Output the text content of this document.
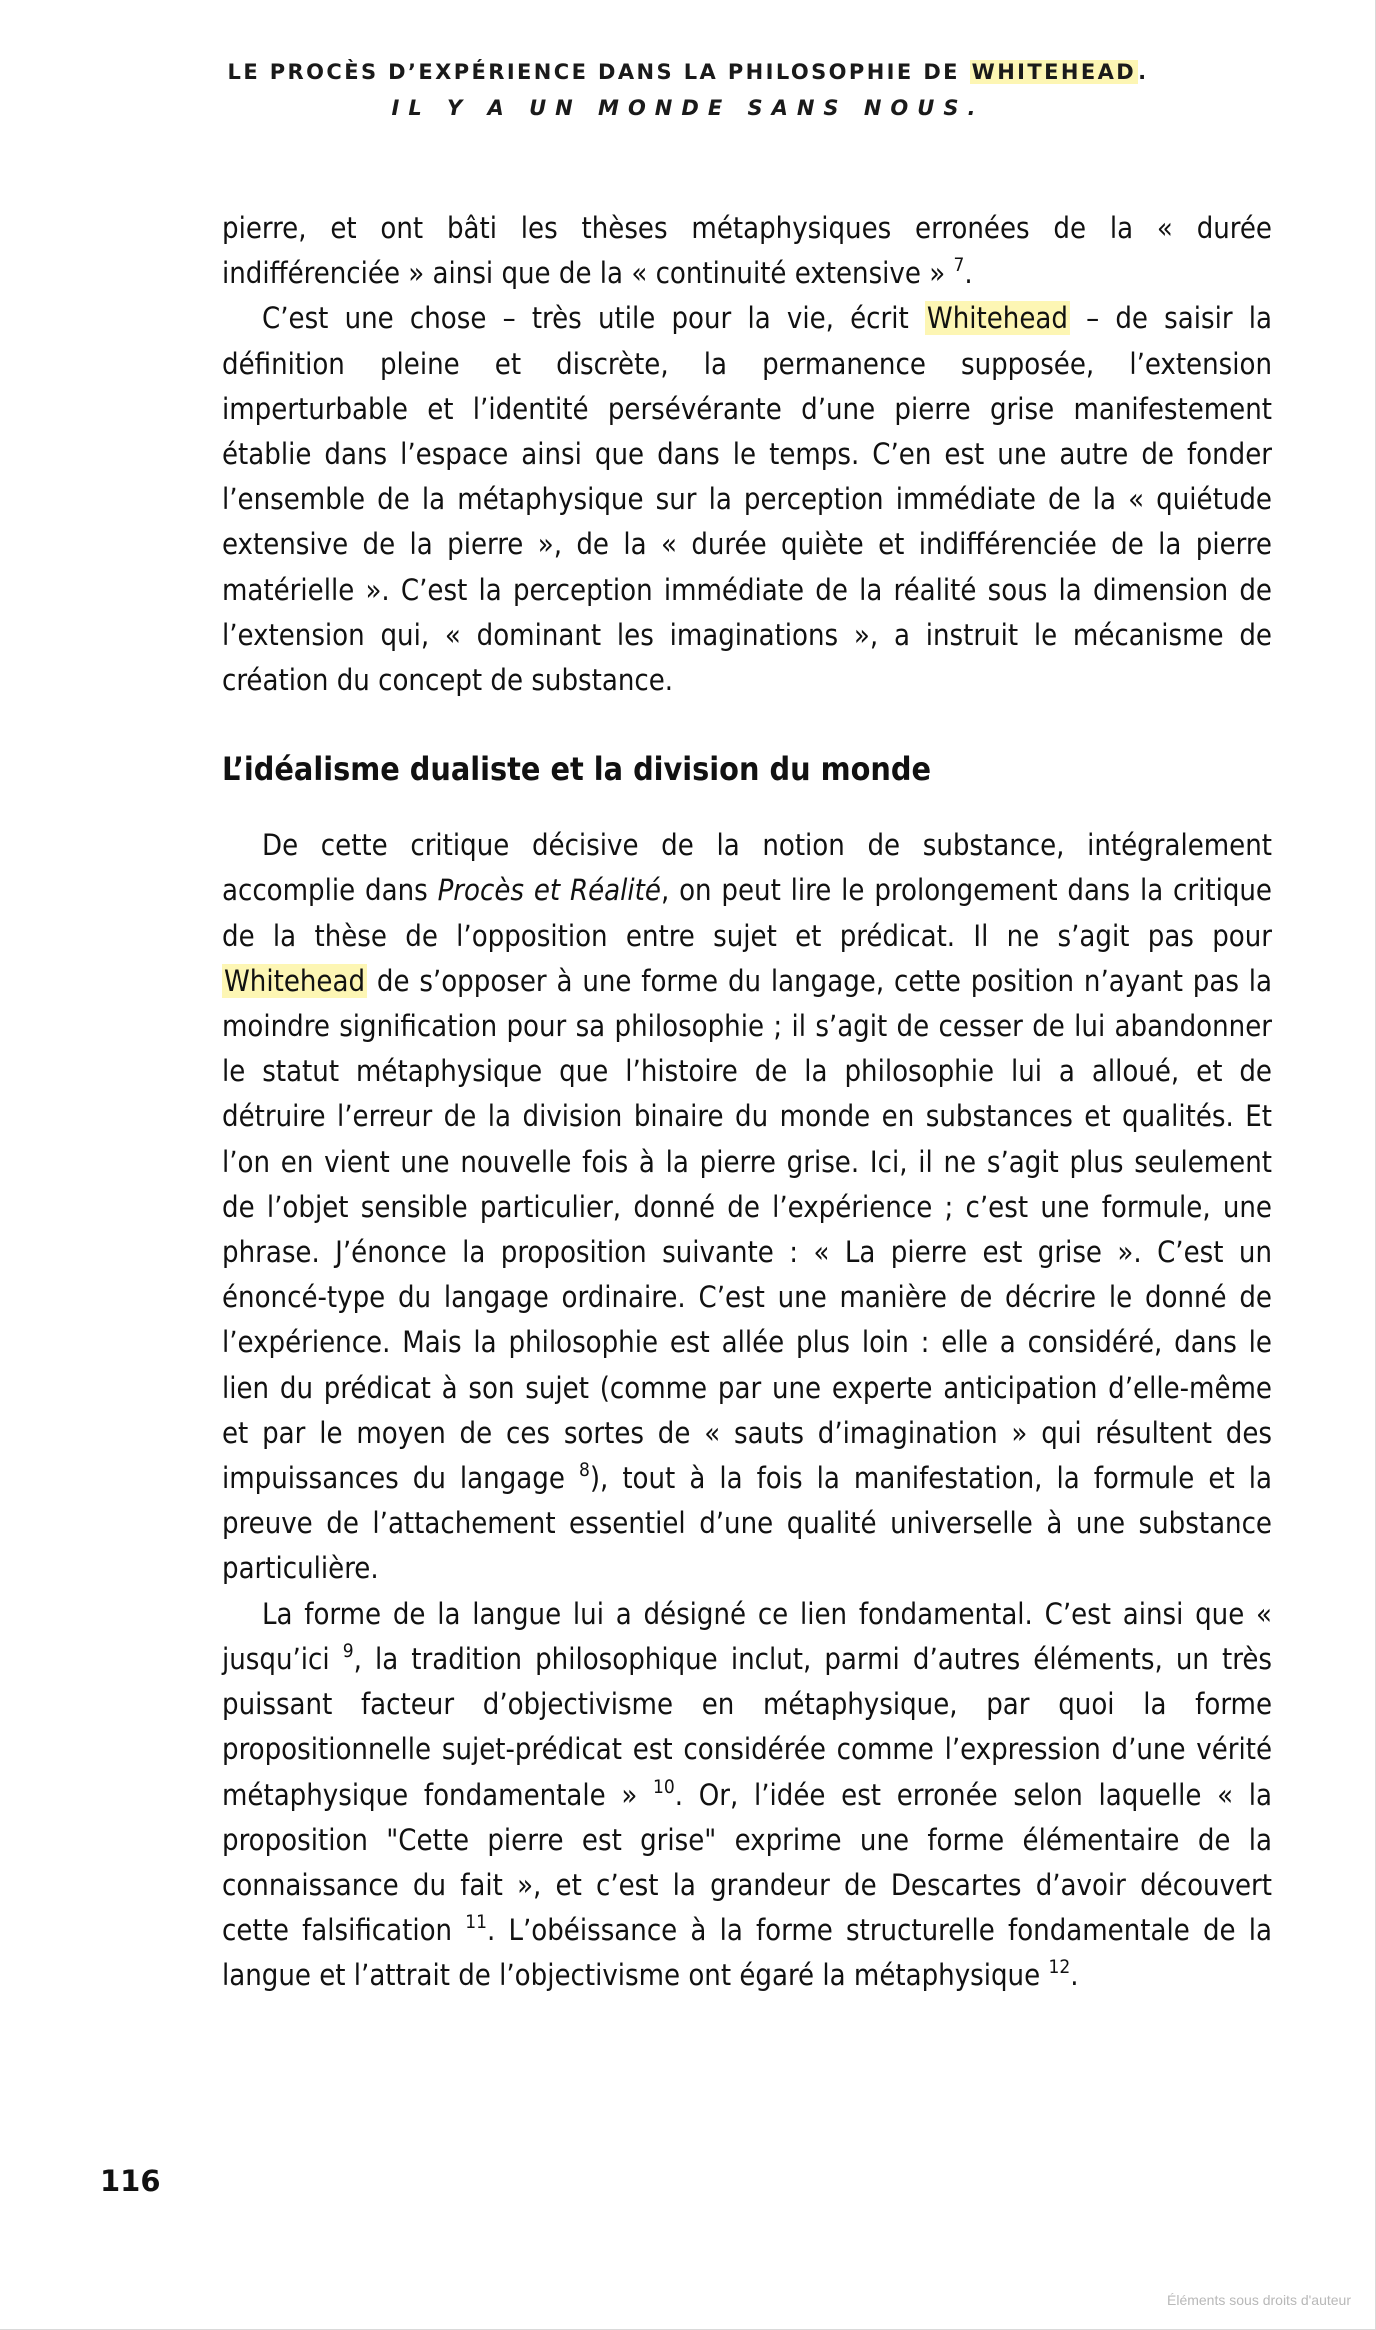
LE PROCÈS D’EXPÉRIENCE DANS LA PHILOSOPHIE DE WHITEHEAD.
IL Y A UN MONDE SANS NOUS.

pierre, et ont bâti les thèses métaphysiques erronées de la « durée indifférenciée » ainsi que de la « continuité extensive » $^7$.

C’est une chose – très utile pour la vie, écrit Whitehead – de saisir la définition pleine et discrète, la permanence supposée, l’extension imperturbable et l’identité persévérante d’une pierre grise manifestement établie dans l’espace ainsi que dans le temps. C’en est une autre de fonder l’ensemble de la métaphysique sur la perception immédiate de la « quiétude extensive de la pierre », de la « durée quiète et indifférenciée de la pierre matérielle ». C’est la perception immédiate de la réalité sous la dimension de l’extension qui, « dominant les imaginations », a instruit le mécanisme de création du concept de substance.

L’idéalisme dualiste et la division du monde

De cette critique décisive de la notion de substance, intégralement accomplie dans Procès et Réalité, on peut lire le prolongement dans la critique de la thèse de l’opposition entre sujet et prédicat. Il ne s’agit pas pour Whitehead de s’opposer à une forme du langage, cette position n’ayant pas la moindre signification pour sa philosophie ; il s’agit de cesser de lui abandonner le statut métaphysique que l’histoire de la philosophie lui a alloué, et de détruire l’erreur de la division binaire du monde en substances et qualités. Et l’on en vient une nouvelle fois à la pierre grise. Ici, il ne s’agit plus seulement de l’objet sensible particulier, donné de l’expérience ; c’est une formule, une phrase. J’énonce la proposition suivante : « La pierre est grise ». C’est un énoncé-type du langage ordinaire. C’est une manière de décrire le donné de l’expérience. Mais la philosophie est allée plus loin : elle a considéré, dans le lien du prédicat à son sujet (comme par une experte anticipation d’elle-même et par le moyen de ces sortes de « sauts d’imagination » qui résultent des impuissances du langage $^8$), tout à la fois la manifestation, la formule et la preuve de l’attachement essentiel d’une qualité universelle à une substance particulière.

La forme de la langue lui a désigné ce lien fondamental. C’est ainsi que « jusqu’ici $^9$, la tradition philosophique inclut, parmi d’autres éléments, un très puissant facteur d’objectivisme en métaphysique, par quoi la forme propositionnelle sujet-prédicat est considérée comme l’expression d’une vérité métaphysique fondamentale » $^{10}$. Or, l’idée est erronée selon laquelle « la proposition "Cette pierre est grise" exprime une forme élémentaire de la connaissance du fait », et c’est la grandeur de Descartes d’avoir découvert cette falsification $^{11}$. L’obéissance à la forme structurelle fondamentale de la langue et l’attrait de l’objectivisme ont égaré la métaphysique $^{12}$.

116
Éléments sous droits d'auteur
